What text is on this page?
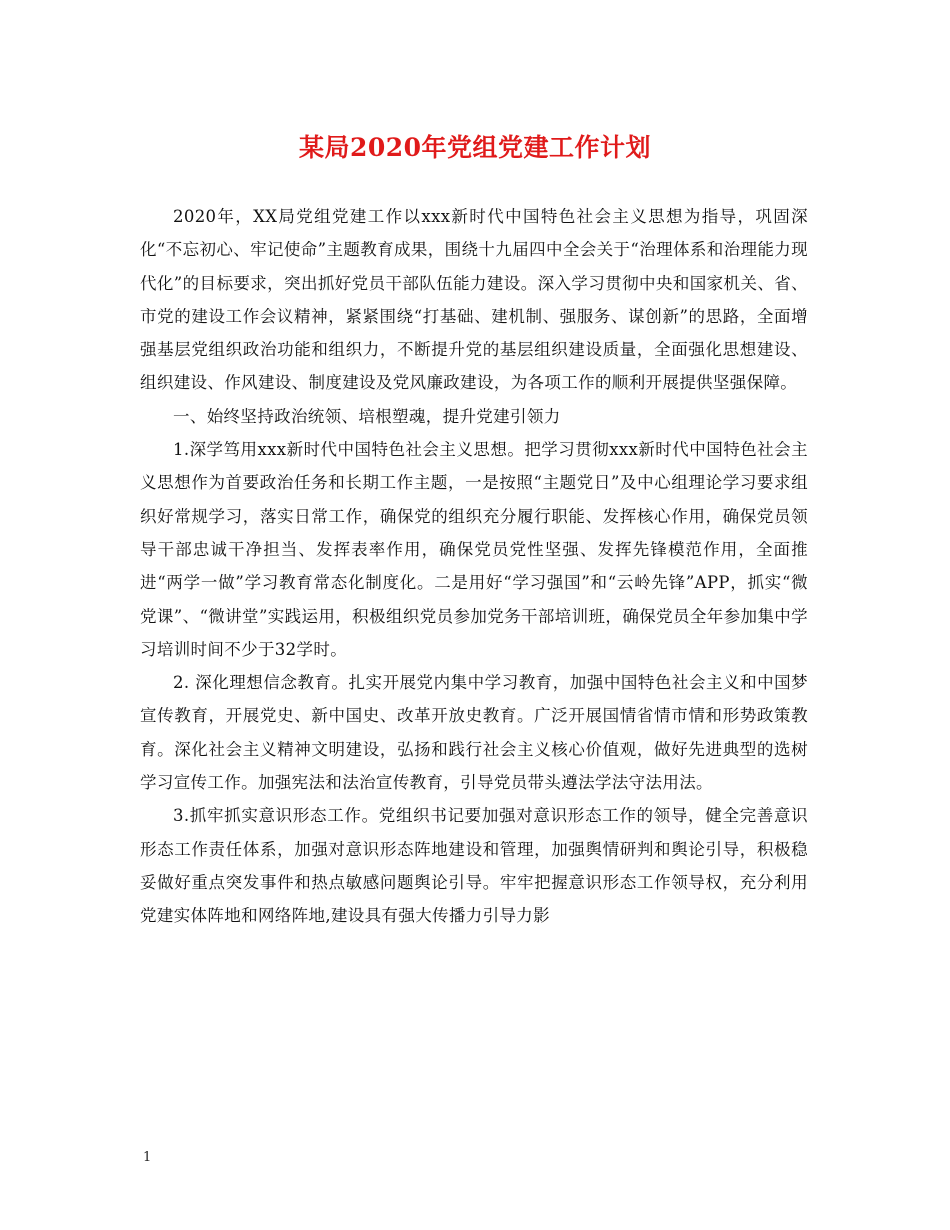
某局2020年党组党建工作计划

2020年，XX局党组党建工作以xxx新时代中国特色社会主义思想为指导，巩固深化“不忘初心、牢记使命”主题教育成果，围绕十九届四中全会关于“治理体系和治理能力现代化”的目标要求，突出抓好党员干部队伍能力建设。深入学习贯彻中央和国家机关、省、市党的建设工作会议精神，紧紧围绕“打基础、建机制、强服务、谋创新”的思路，全面增强基层党组织政治功能和组织力，不断提升党的基层组织建设质量，全面强化思想建设、组织建设、作风建设、制度建设及党风廉政建设，为各项工作的顺利开展提供坚强保障。

一、始终坚持政治统领、培根塑魂，提升党建引领力

1.深学笃用xxx新时代中国特色社会主义思想。把学习贯彻xxx新时代中国特色社会主义思想作为首要政治任务和长期工作主题，一是按照“主题党日”及中心组理论学习要求组织好常规学习，落实日常工作，确保党的组织充分履行职能、发挥核心作用，确保党员领导干部忠诚干净担当、发挥表率作用，确保党员党性坚强、发挥先锋模范作用，全面推进“两学一做”学习教育常态化制度化。二是用好“学习强国”和“云岭先锋”APP，抓实“微党课”、“微讲堂”实践运用，积极组织党员参加党务干部培训班，确保党员全年参加集中学习培训时间不少于32学时。

2. 深化理想信念教育。扎实开展党内集中学习教育，加强中国特色社会主义和中国梦宣传教育，开展党史、新中国史、改革开放史教育。广泛开展国情省情市情和形势政策教育。深化社会主义精神文明建设，弘扬和践行社会主义核心价值观，做好先进典型的选树学习宣传工作。加强宪法和法治宣传教育，引导党员带头遵法学法守法用法。

3.抓牢抓实意识形态工作。党组织书记要加强对意识形态工作的领导，健全完善意识形态工作责任体系，加强对意识形态阵地建设和管理，加强舆情研判和舆论引导，积极稳妥做好重点突发事件和热点敏感问题舆论引导。牢牢把握意识形态工作领导权，充分利用党建实体阵地和网络阵地,建设具有强大传播力引导力影

1
